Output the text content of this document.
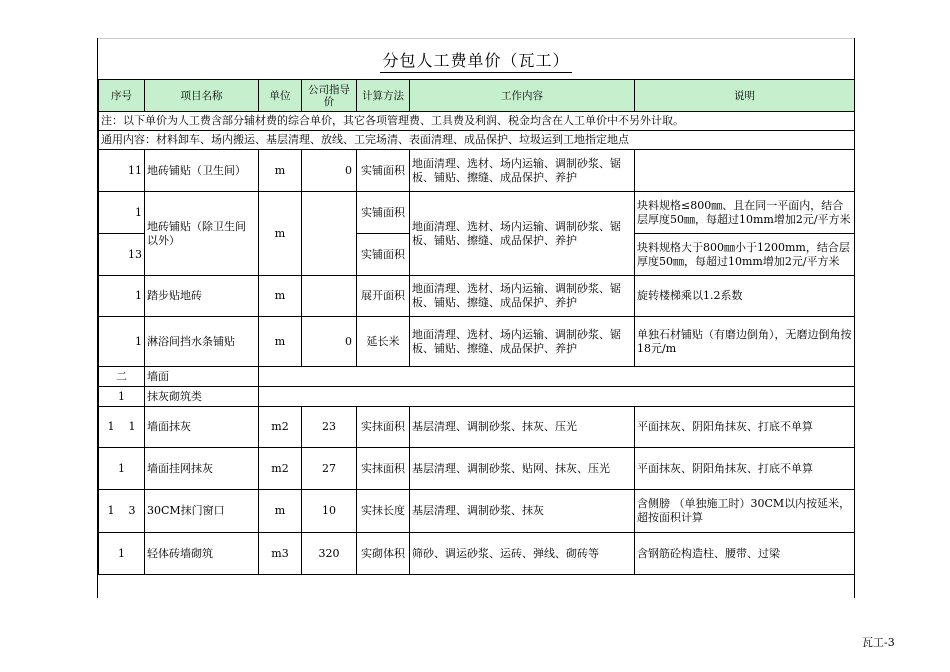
分包人工费单价（瓦工）
序号	项目名称	单位	公司指导价	计算方法	工作内容	说明
注：以下单价为人工费含部分辅材费的综合单价，其它各项管理费、工具费及利润、税金均含在人工单价中不另外计取。						
通用内容：材料卸车、场内搬运、基层清理、放线、工完场清、表面清理、成品保护、垃圾运到工地指定地点						
11	地砖铺贴（卫生间）	m	0	实铺面积	地面清理、选材、场内运输、调制砂浆、锯板、铺贴、擦缝、成品保护、养护	
1	地砖铺贴（除卫生间以外）	m		实铺面积	地面清理、选材、场内运输、调制砂浆、锯板、铺贴、擦缝、成品保护、养护	块料规格≤800㎜、且在同一平面内，结合层厚度50㎜，每超过10mm增加2元/平方米
13				实铺面积		块料规格大于800㎜小于1200mm，结合层厚度50㎜，每超过10mm增加2元/平方米
1	踏步贴地砖	m		展开面积	地面清理、选材、场内运输、调制砂浆、锯板、铺贴、擦缝、成品保护、养护	旋转楼梯乘以1.2系数
1	淋浴间挡水条铺贴	m	0	延长米	地面清理、选材、场内运输、调制砂浆、锯板、铺贴、擦缝、成品保护、养护	单独石材铺贴（有磨边倒角），无磨边倒角按18元/m
二	墙面					
1	抹灰砌筑类					
1    1	墙面抹灰	m2	23	实抹面积	基层清理、调制砂浆、抹灰、压光	平面抹灰、阴阳角抹灰、打底不单算
1	墙面挂网抹灰	m2	27	实抹面积	基层清理、调制砂浆、贴网、抹灰、压光	平面抹灰、阴阳角抹灰、打底不单算
1    3	30CM抹门窗口	m	10	实抹长度	基层清理、调制砂浆、抹灰	含侧膀 （单独施工时）30CM以内按延米，超按面积计算
1	轻体砖墙砌筑	m3	320	实砌体积	筛砂、调运砂浆、运砖、弹线、砌砖等	含钢筋砼构造柱、腰带、过梁
瓦工-3
